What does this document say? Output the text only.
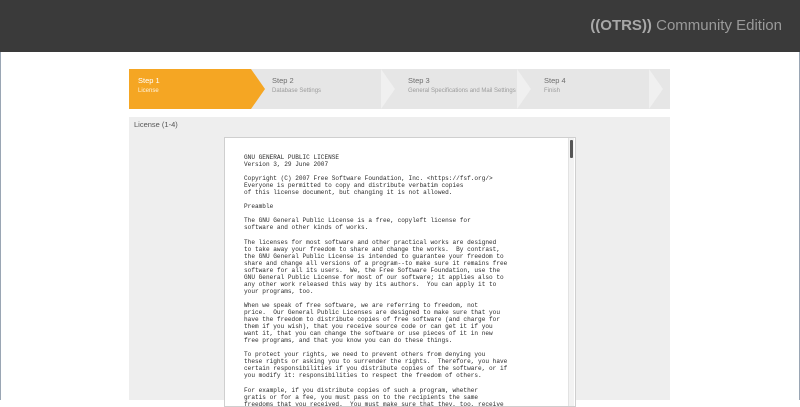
((OTRS)) Community Edition
Step 1
License
Step 2
Database Settings
Step 3
General Specifications and Mail Settings
Step 4
Finish
License (1-4)
GNU GENERAL PUBLIC LICENSE
Version 3, 29 June 2007

Copyright (C) 2007 Free Software Foundation, Inc. <https://fsf.org/>
Everyone is permitted to copy and distribute verbatim copies
of this license document, but changing it is not allowed.

Preamble

The GNU General Public License is a free, copyleft license for
software and other kinds of works.

The licenses for most software and other practical works are designed
to take away your freedom to share and change the works.  By contrast,
the GNU General Public License is intended to guarantee your freedom to
share and change all versions of a program--to make sure it remains free
software for all its users.  We, the Free Software Foundation, use the
GNU General Public License for most of our software; it applies also to
any other work released this way by its authors.  You can apply it to
your programs, too.

When we speak of free software, we are referring to freedom, not
price.  Our General Public Licenses are designed to make sure that you
have the freedom to distribute copies of free software (and charge for
them if you wish), that you receive source code or can get it if you
want it, that you can change the software or use pieces of it in new
free programs, and that you know you can do these things.

To protect your rights, we need to prevent others from denying you
these rights or asking you to surrender the rights.  Therefore, you have
certain responsibilities if you distribute copies of the software, or if
you modify it: responsibilities to respect the freedom of others.

For example, if you distribute copies of such a program, whether
gratis or for a fee, you must pass on to the recipients the same
freedoms that you received.  You must make sure that they, too, receive
